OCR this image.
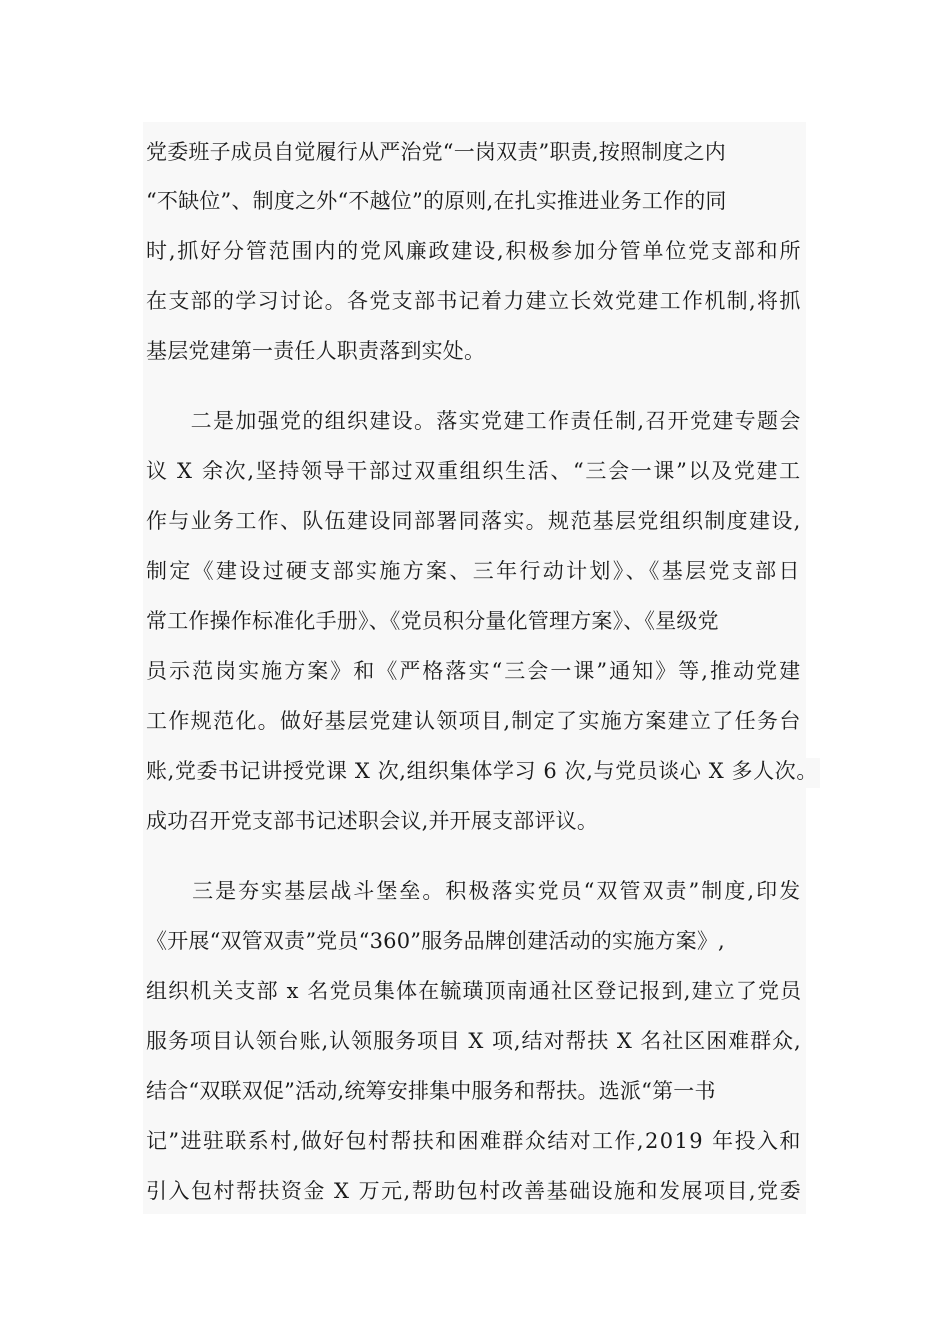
党委班子成员自觉履行从严治党“一岗双责”职责,按照制度之内
“不缺位”、制度之外“不越位”的原则,在扎实推进业务工作的同
时,抓好分管范围内的党风廉政建设,积极参加分管单位党支部和所
在支部的学习讨论。各党支部书记着力建立长效党建工作机制,将抓
基层党建第一责任人职责落到实处。
　　二是加强党的组织建设。落实党建工作责任制,召开党建专题会
议 X 余次,坚持领导干部过双重组织生活、“三会一课”以及党建工
作与业务工作、队伍建设同部署同落实。规范基层党组织制度建设,
制定《建设过硬支部实施方案、三年行动计划》、《基层党支部日
常工作操作标准化手册》、《党员积分量化管理方案》、《星级党
员示范岗实施方案》和《严格落实“三会一课”通知》等,推动党建
工作规范化。做好基层党建认领项目,制定了实施方案建立了任务台
账,党委书记讲授党课 X 次,组织集体学习 6 次,与党员谈心 X 多人次。
成功召开党支部书记述职会议,并开展支部评议。
　　三是夯实基层战斗堡垒。积极落实党员“双管双责”制度,印发
《开展“双管双责”党员“360”服务品牌创建活动的实施方案》,
组织机关支部 x 名党员集体在毓璜顶南通社区登记报到,建立了党员
服务项目认领台账,认领服务项目 X 项,结对帮扶 X 名社区困难群众,
结合“双联双促”活动,统筹安排集中服务和帮扶。选派“第一书
记”进驻联系村,做好包村帮扶和困难群众结对工作,2019 年投入和
引入包村帮扶资金 X 万元,帮助包村改善基础设施和发展项目,党委
